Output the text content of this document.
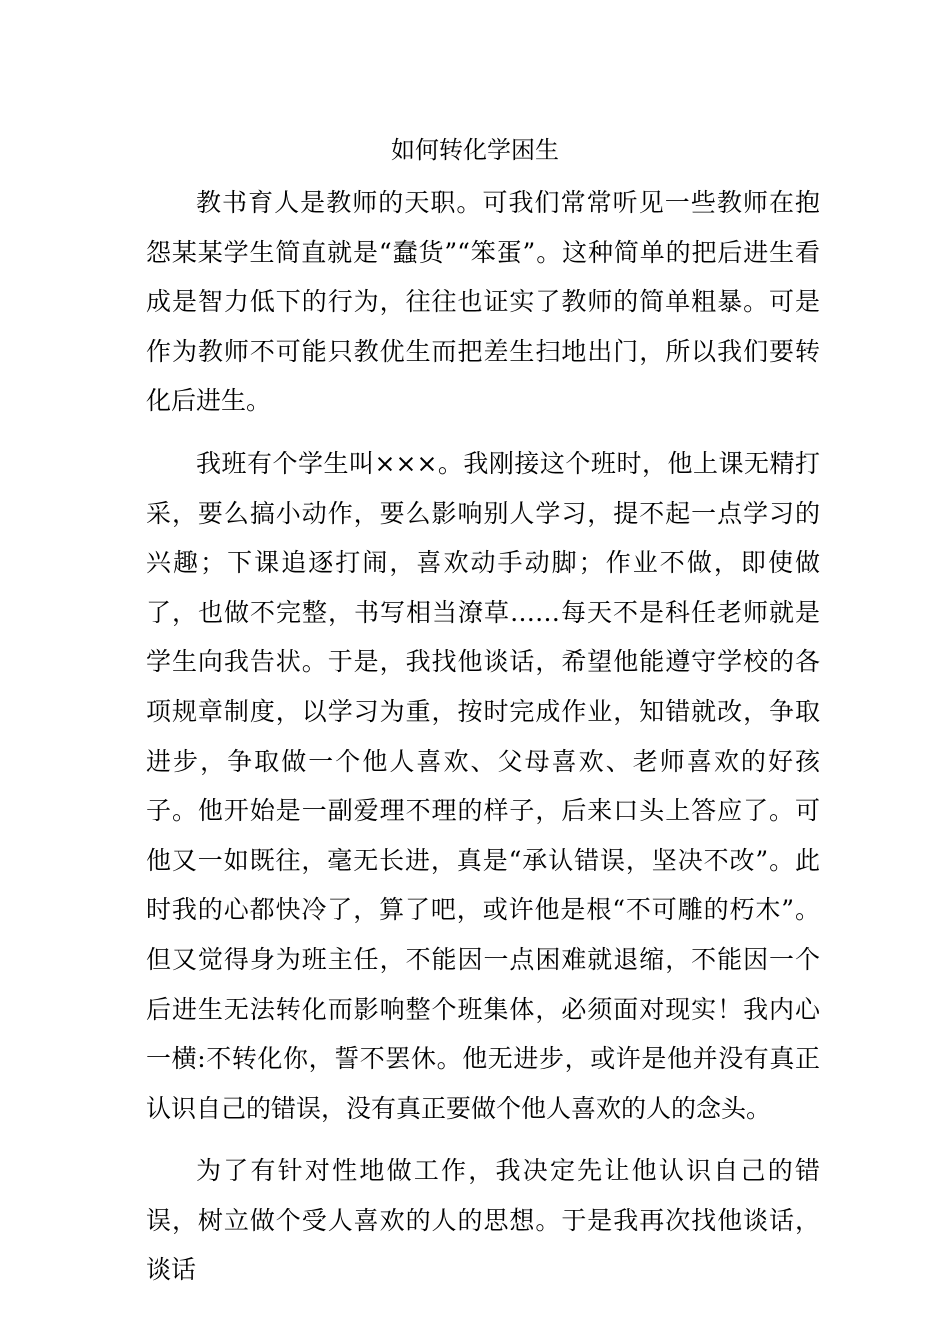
如何转化学困生

教书育人是教师的天职。可我们常常听见一些教师在抱怨某某学生简直就是“蠢货”“笨蛋”。这种简单的把后进生看成是智力低下的行为，往往也证实了教师的简单粗暴。可是作为教师不可能只教优生而把差生扫地出门，所以我们要转化后进生。

我班有个学生叫×××。我刚接这个班时，他上课无精打采，要么搞小动作，要么影响别人学习，提不起一点学习的兴趣；下课追逐打闹，喜欢动手动脚；作业不做，即使做了，也做不完整，书写相当潦草……每天不是科任老师就是学生向我告状。于是，我找他谈话，希望他能遵守学校的各项规章制度，以学习为重，按时完成作业，知错就改，争取进步，争取做一个他人喜欢、父母喜欢、老师喜欢的好孩子。他开始是一副爱理不理的样子，后来口头上答应了。可他又一如既往，毫无长进，真是“承认错误，坚决不改”。此时我的心都快冷了，算了吧，或许他是根“不可雕的朽木”。但又觉得身为班主任，不能因一点困难就退缩，不能因一个后进生无法转化而影响整个班集体，必须面对现实！我内心一横:不转化你，誓不罢休。他无进步，或许是他并没有真正认识自己的错误，没有真正要做个他人喜欢的人的念头。

为了有针对性地做工作，我决定先让他认识自己的错误，树立做个受人喜欢的人的思想。于是我再次找他谈话，谈话
